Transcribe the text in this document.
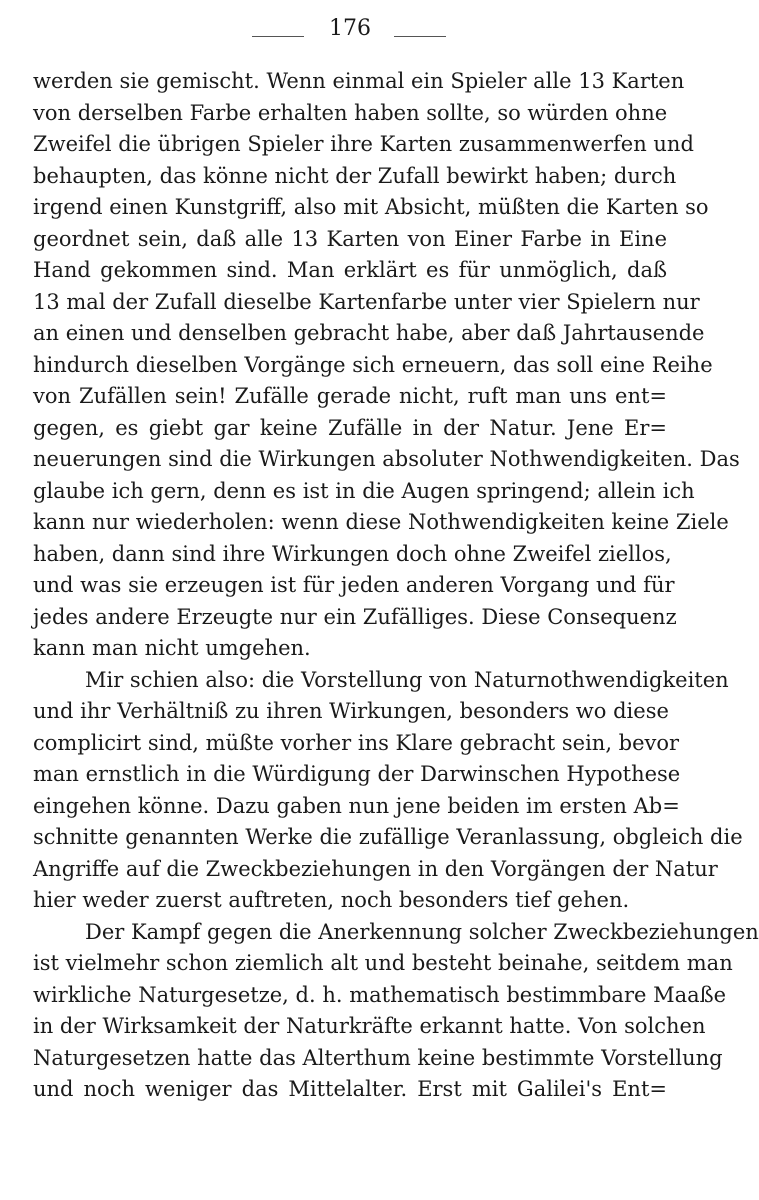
176
werden sie gemischt. Wenn einmal ein Spieler alle 13 Karten
von derselben Farbe erhalten haben sollte, so würden ohne
Zweifel die übrigen Spieler ihre Karten zusammenwerfen und
behaupten, das könne nicht der Zufall bewirkt haben; durch
irgend einen Kunstgriff, also mit Absicht, müßten die Karten so
geordnet sein, daß alle 13 Karten von Einer Farbe in Eine
Hand gekommen sind. Man erklärt es für unmöglich, daß
13 mal der Zufall dieselbe Kartenfarbe unter vier Spielern nur
an einen und denselben gebracht habe, aber daß Jahrtausende
hindurch dieselben Vorgänge sich erneuern, das soll eine Reihe
von Zufällen sein! Zufälle gerade nicht, ruft man uns ent=
gegen, es giebt gar keine Zufälle in der Natur. Jene Er=
neuerungen sind die Wirkungen absoluter Nothwendigkeiten. Das
glaube ich gern, denn es ist in die Augen springend; allein ich
kann nur wiederholen: wenn diese Nothwendigkeiten keine Ziele
haben, dann sind ihre Wirkungen doch ohne Zweifel ziellos,
und was sie erzeugen ist für jeden anderen Vorgang und für
jedes andere Erzeugte nur ein Zufälliges. Diese Consequenz
kann man nicht umgehen.
Mir schien also: die Vorstellung von Naturnothwendigkeiten
und ihr Verhältniß zu ihren Wirkungen, besonders wo diese
complicirt sind, müßte vorher ins Klare gebracht sein, bevor
man ernstlich in die Würdigung der Darwinschen Hypothese
eingehen könne. Dazu gaben nun jene beiden im ersten Ab=
schnitte genannten Werke die zufällige Veranlassung, obgleich die
Angriffe auf die Zweckbeziehungen in den Vorgängen der Natur
hier weder zuerst auftreten, noch besonders tief gehen.
Der Kampf gegen die Anerkennung solcher Zweckbeziehungen
ist vielmehr schon ziemlich alt und besteht beinahe, seitdem man
wirkliche Naturgesetze, d. h. mathematisch bestimmbare Maaße
in der Wirksamkeit der Naturkräfte erkannt hatte. Von solchen
Naturgesetzen hatte das Alterthum keine bestimmte Vorstellung
und noch weniger das Mittelalter. Erst mit Galilei's Ent=
